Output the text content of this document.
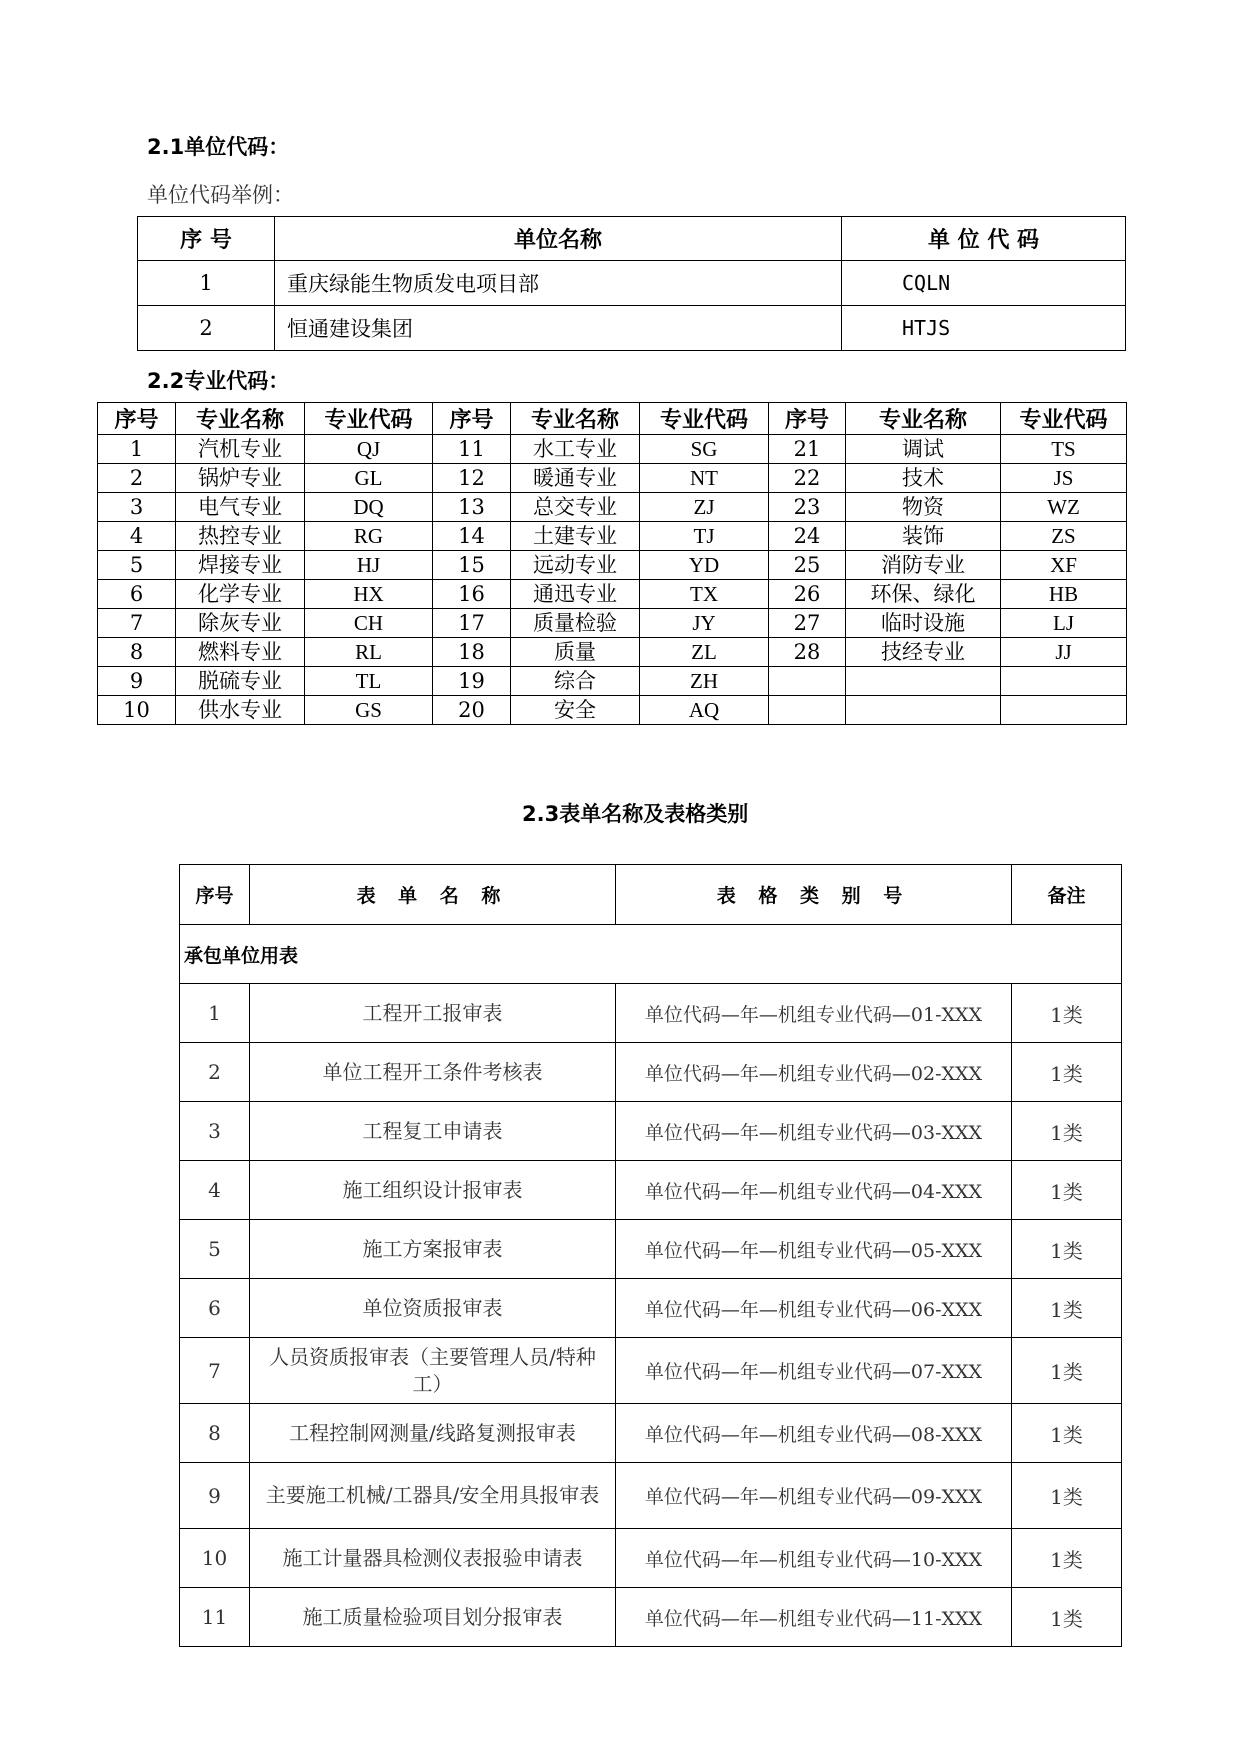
2.1单位代码：
单位代码举例：
序 号	单位名称	单 位 代 码
1	重庆绿能生物质发电项目部	CQLN
2	恒通建设集团	HTJS
2.2专业代码：
序号	专业名称	专业代码	序号	专业名称	专业代码	序号	专业名称	专业代码
1	汽机专业	QJ	11	水工专业	SG	21	调试	TS
2	锅炉专业	GL	12	暖通专业	NT	22	技术	JS
3	电气专业	DQ	13	总交专业	ZJ	23	物资	WZ
4	热控专业	RG	14	土建专业	TJ	24	装饰	ZS
5	焊接专业	HJ	15	远动专业	YD	25	消防专业	XF
6	化学专业	HX	16	通迅专业	TX	26	环保、绿化	HB
7	除灰专业	CH	17	质量检验	JY	27	临时设施	LJ
8	燃料专业	RL	18	质量	ZL	28	技经专业	JJ
9	脱硫专业	TL	19	综合	ZH			
10	供水专业	GS	20	安全	AQ			
2.3表单名称及表格类别
序号	表 单 名 称	表 格 类 别 号	备注
承包单位用表			
1	工程开工报审表	单位代码—年—机组专业代码—01-XXX	1类
2	单位工程开工条件考核表	单位代码—年—机组专业代码—02-XXX	1类
3	工程复工申请表	单位代码—年—机组专业代码—03-XXX	1类
4	施工组织设计报审表	单位代码—年—机组专业代码—04-XXX	1类
5	施工方案报审表	单位代码—年—机组专业代码—05-XXX	1类
6	单位资质报审表	单位代码—年—机组专业代码—06-XXX	1类
7	人员资质报审表（主要管理人员/特种工）	单位代码—年—机组专业代码—07-XXX	1类
8	工程控制网测量/线路复测报审表	单位代码—年—机组专业代码—08-XXX	1类
9	主要施工机械/工器具/安全用具报审表	单位代码—年—机组专业代码—09-XXX	1类
10	施工计量器具检测仪表报验申请表	单位代码—年—机组专业代码—10-XXX	1类
11	施工质量检验项目划分报审表	单位代码—年—机组专业代码—11-XXX	1类
